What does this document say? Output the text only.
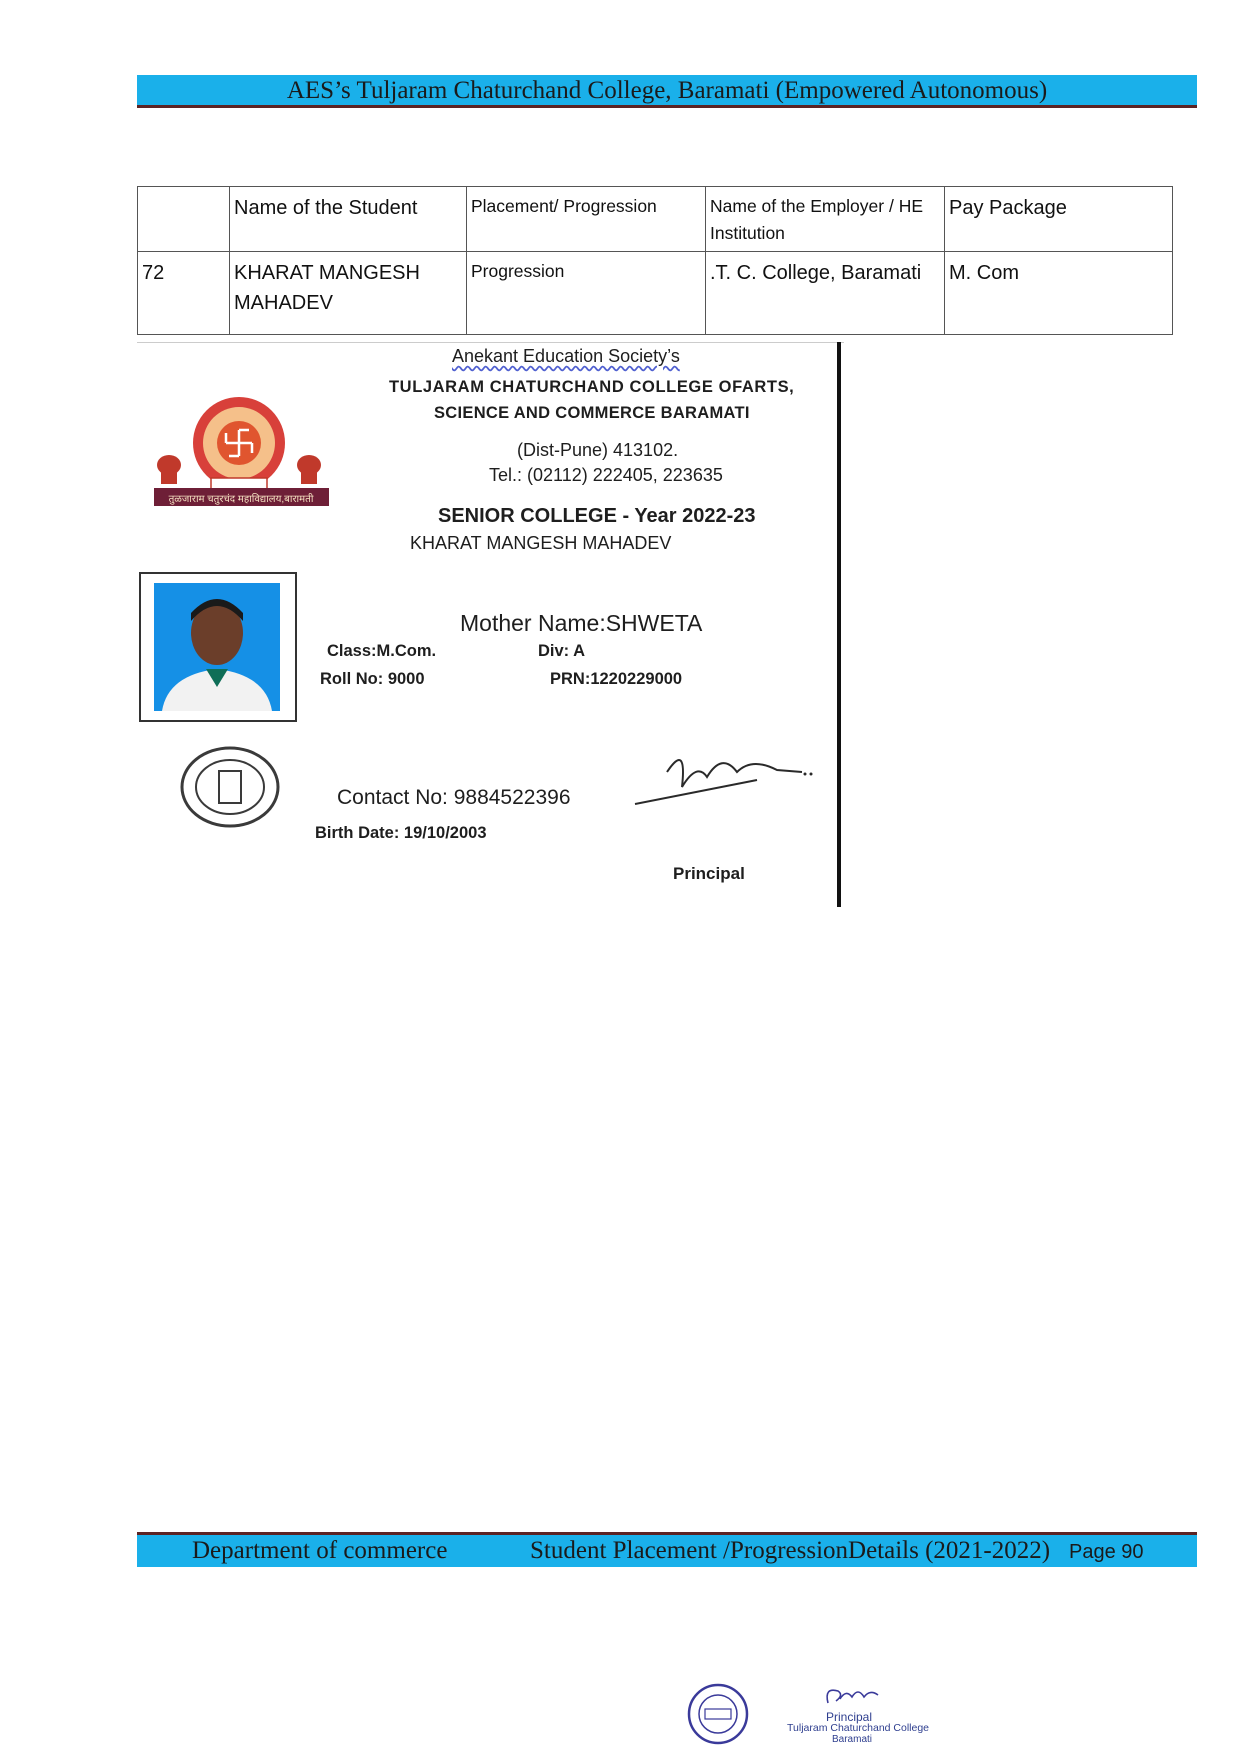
AES’s Tuljaram Chaturchand College, Baramati (Empowered Autonomous)
	Name of the Student	Placement/ Progression	Name of the Employer / HE Institution	Pay Package
72	KHARAT MANGESH MAHADEV	Progression	.T. C. College, Baramati	M. Com
तुळजाराम चतुरचंद महाविद्यालय,बारामती
Anekant Education Society’s
TULJARAM CHATURCHAND COLLEGE OFARTS,
SCIENCE AND COMMERCE BARAMATI
(Dist-Pune) 413102.
Tel.: (02112) 222405, 223635
SENIOR COLLEGE - Year 2022-23
KHARAT MANGESH MAHADEV
Mother Name:SHWETA
Class:M.Com.	Div: A
Roll No: 9000	PRN:1220229000
Contact No: 9884522396
Birth Date: 19/10/2003
Principal
Department of commerce	Student Placement /ProgressionDetails (2021-2022) Page 90
Principal
Tuljaram Chaturchand College
Baramati
